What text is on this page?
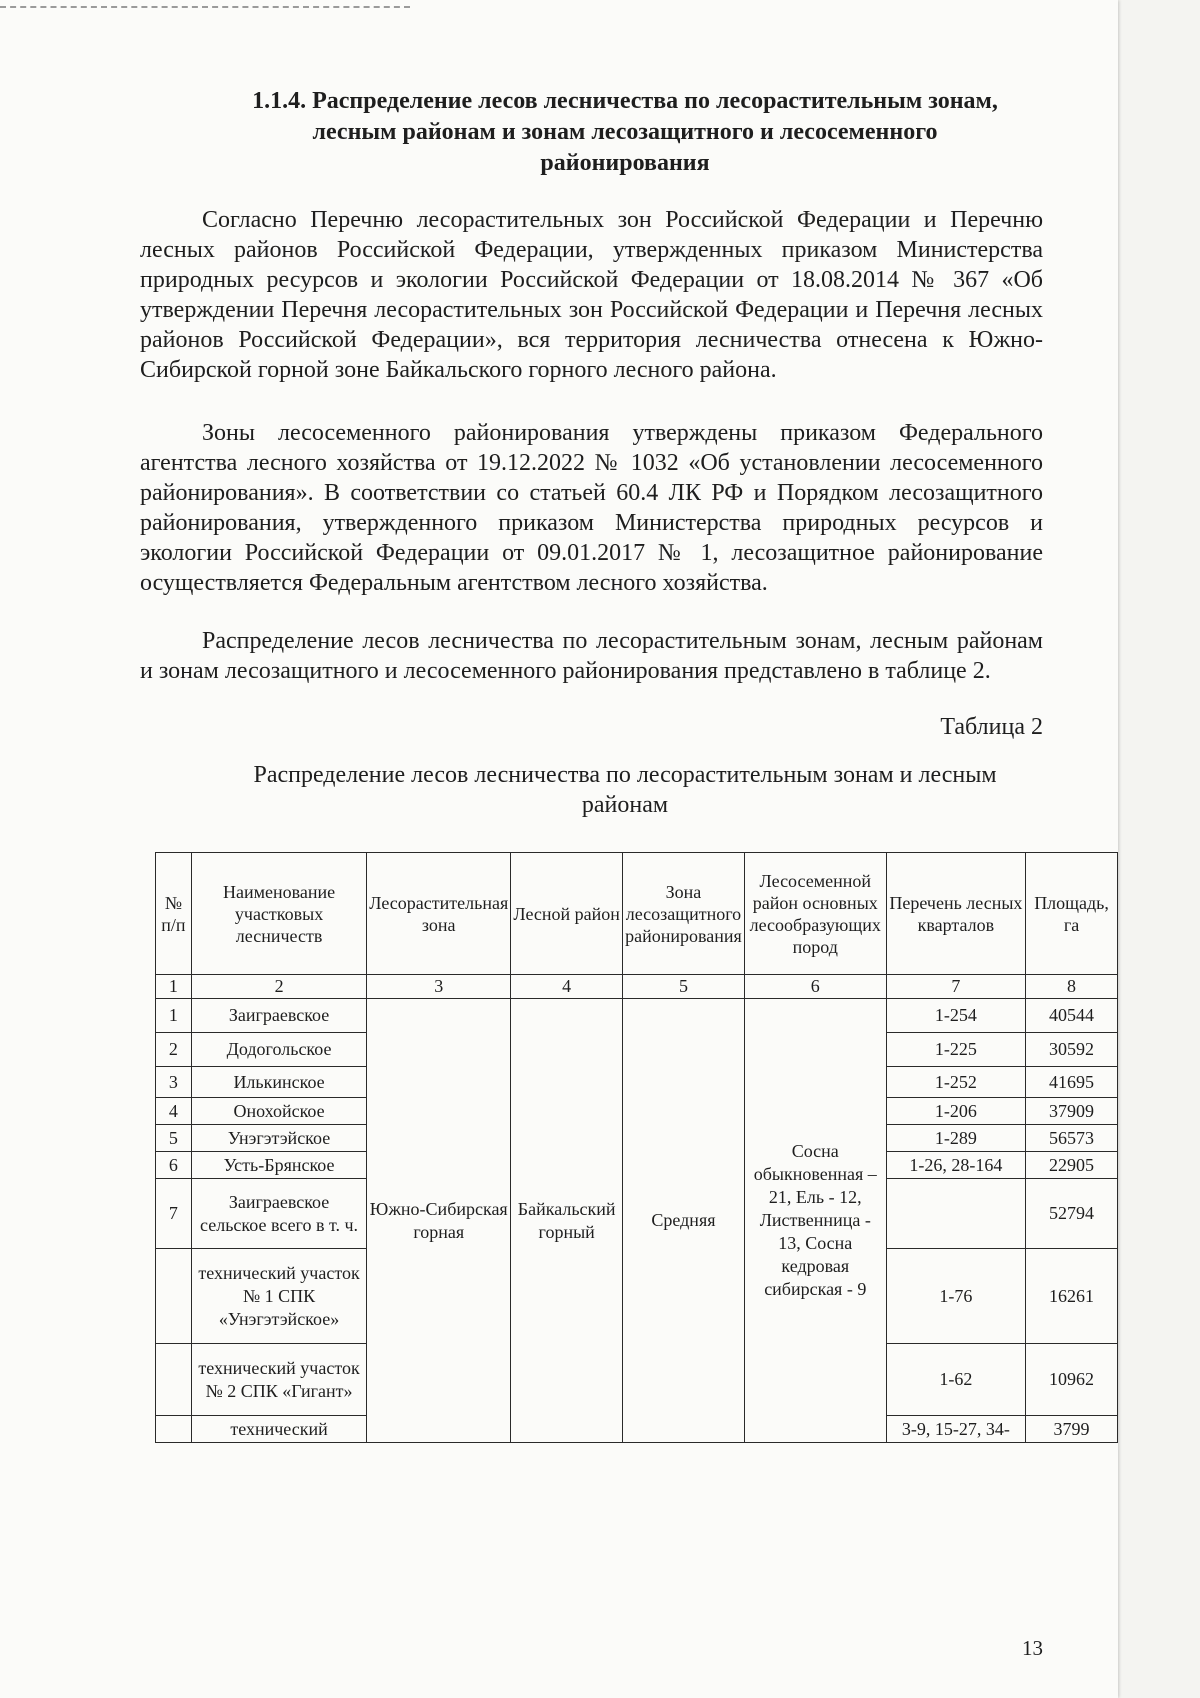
1.1.4. Распределение лесов лесничества по лесорастительным зонам,
лесным районам и зонам лесозащитного и лесосеменного
районирования
Согласно Перечню лесорастительных зон Российской Федерации и Перечню лесных районов Российской Федерации, утвержденных приказом Министерства природных ресурсов и экологии Российской Федерации от 18.08.2014 № 367 «Об утверждении Перечня лесорастительных зон Российской Федерации и Перечня лесных районов Российской Федерации», вся территория лесничества отнесена к Южно-Сибирской горной зоне Байкальского горного лесного района.
Зоны лесосеменного районирования утверждены приказом Федерального агентства лесного хозяйства от 19.12.2022 № 1032 «Об установлении лесосеменного районирования». В соответствии со статьей 60.4 ЛК РФ и Порядком лесозащитного районирования, утвержденного приказом Министерства природных ресурсов и экологии Российской Федерации от 09.01.2017 № 1, лесозащитное районирование осуществляется Федеральным агентством лесного хозяйства.
Распределение лесов лесничества по лесорастительным зонам, лесным районам и зонам лесозащитного и лесосеменного районирования представлено в таблице 2.
Таблица 2
Распределение лесов лесничества по лесорастительным зонам и лесным
районам
№ п/п	Наименование участковых лесничеств	Лесорастительная зона	Лесной район	Зона лесозащитного районирования	Лесосеменной район основных лесообразующих пород	Перечень лесных кварталов	Площадь, га
1	2	3	4	5	6	7	8
1	Заиграевское	Южно-Сибирская горная	Байкальский горный	Средняя	Сосна обыкновенная – 21, Ель - 12, Лиственница - 13, Сосна кедровая сибирская - 9	1-254	40544
2	Додогольское					1-225	30592
3	Илькинское					1-252	41695
4	Онохойское					1-206	37909
5	Унэгэтэйское					1-289	56573
6	Усть-Брянское					1-26, 28-164	22905
7	Заиграевское сельское всего в т. ч.						52794
	технический участок № 1 СПК «Унэгэтэйское»					1-76	16261
	технический участок № 2 СПК «Гигант»					1-62	10962
	технический					3-9, 15-27, 34-	3799
13
